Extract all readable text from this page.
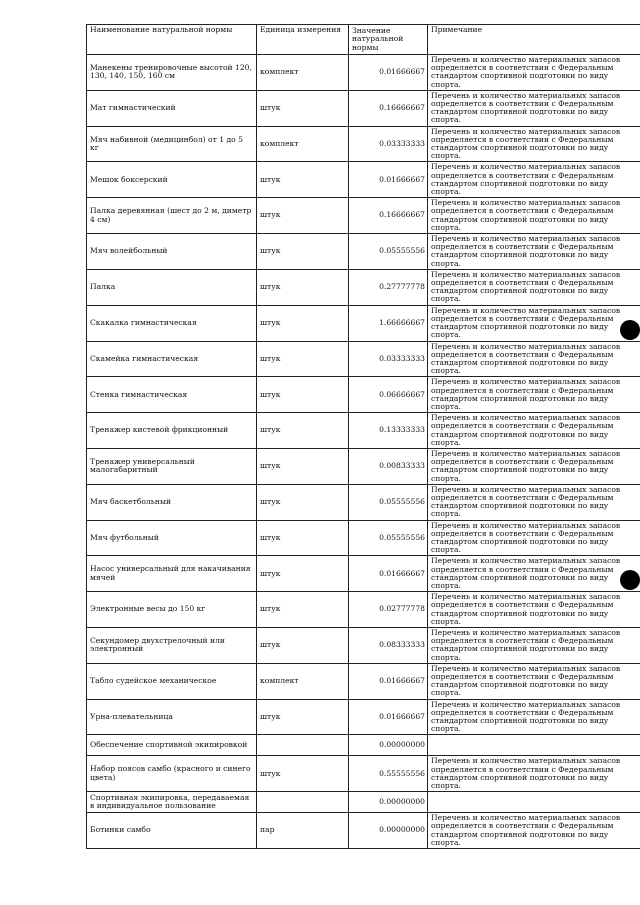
Наименование натуральной нормы	Единица измерения	Значение натуральной нормы	Примечание
Манекены тренировочные высотой 120, 130, 140, 150, 160 см	комплект	0.01666667	Перечень и количество материальных запасов определяется в соответствии с Федеральным стандартом спортивной подготовки по виду спорта.
Мат гимнастический	штук	0.16666667	Перечень и количество материальных запасов определяется в соответствии с Федеральным стандартом спортивной подготовки по виду спорта.
Мяч набивной (медицинбол) от 1 до 5 кг	комплект	0.03333333	Перечень и количество материальных запасов определяется в соответствии с Федеральным стандартом спортивной подготовки по виду спорта.
Мешок боксерский	штук	0.01666667	Перечень и количество материальных запасов определяется в соответствии с Федеральным стандартом спортивной подготовки по виду спорта.
Палка деревянная (шест до 2 м, диметр 4 см)	штук	0.16666667	Перечень и количество материальных запасов определяется в соответствии с Федеральным стандартом спортивной подготовки по виду спорта.
Мяч волейбольный	штук	0.05555556	Перечень и количество материальных запасов определяется в соответствии с Федеральным стандартом спортивной подготовки по виду спорта.
Палка	штук	0.27777778	Перечень и количество материальных запасов определяется в соответствии с Федеральным стандартом спортивной подготовки по виду спорта.
Скакалка гимнастическая	штук	1.66666667	Перечень и количество материальных запасов определяется в соответствии с Федеральным стандартом спортивной подготовки по виду спорта.
Скамейка гимнастическая	штук	0.03333333	Перечень и количество материальных запасов определяется в соответствии с Федеральным стандартом спортивной подготовки по виду спорта.
Стенка гимнастическая	штук	0.06666667	Перечень и количество материальных запасов определяется в соответствии с Федеральным стандартом спортивной подготовки по виду спорта.
Тренажер кистевой фрикционный	штук	0.13333333	Перечень и количество материальных запасов определяется в соответствии с Федеральным стандартом спортивной подготовки по виду спорта.
Тренажер универсальный малогабаритный	штук	0.00833333	Перечень и количество материальных запасов определяется в соответствии с Федеральным стандартом спортивной подготовки по виду спорта.
Мяч баскетбольный	штук	0.05555556	Перечень и количество материальных запасов определяется в соответствии с Федеральным стандартом спортивной подготовки по виду спорта.
Мяч футбольный	штук	0.05555556	Перечень и количество материальных запасов определяется в соответствии с Федеральным стандартом спортивной подготовки по виду спорта.
Насос универсальный для накачивания мячей	штук	0.01666667	Перечень и количество материальных запасов определяется в соответствии с Федеральным стандартом спортивной подготовки по виду спорта.
Электронные весы до 150 кг	штук	0.02777778	Перечень и количество материальных запасов определяется в соответствии с Федеральным стандартом спортивной подготовки по виду спорта.
Секундомер двухстрелочный или электронный	штук	0.08333333	Перечень и количество материальных запасов определяется в соответствии с Федеральным стандартом спортивной подготовки по виду спорта.
Табло судейское механическое	комплект	0.01666667	Перечень и количество материальных запасов определяется в соответствии с Федеральным стандартом спортивной подготовки по виду спорта.
Урна-плевательница	штук	0.01666667	Перечень и количество материальных запасов определяется в соответствии с Федеральным стандартом спортивной подготовки по виду спорта.
Обеспечение спортивной экипировкой		0.00000000	
Набор поясов самбо (красного и синего цвета)	штук	0.55555556	Перечень и количество материальных запасов определяется в соответствии с Федеральным стандартом спортивной подготовки по виду спорта.
Спортивная экипировка, передаваемая в индивидуальное пользование		0.00000000	
Ботинки самбо	пар	0.00000000	Перечень и количество материальных запасов определяется в соответствии с Федеральным стандартом спортивной подготовки по виду спорта.
